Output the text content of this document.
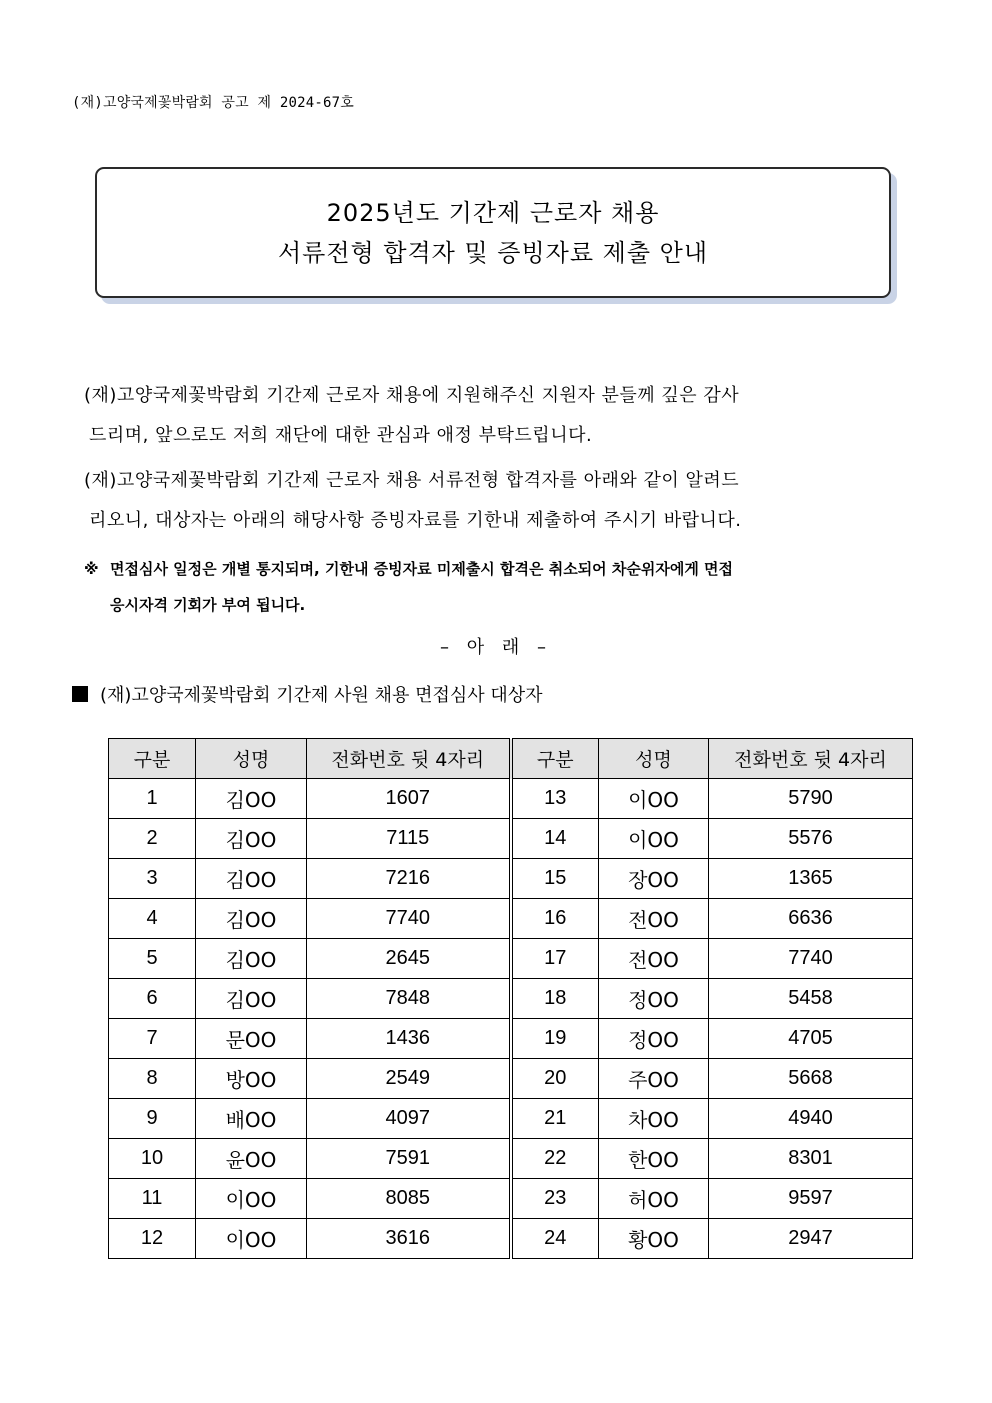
(재)고양국제꽃박람회 공고 제 2024-67호
2025년도 기간제 근로자 채용
서류전형 합격자 및 증빙자료 제출 안내
(재)고양국제꽃박람회 기간제 근로자 채용에 지원해주신 지원자 분들께 깊은 감사
드리며, 앞으로도 저희 재단에 대한 관심과 애정 부탁드립니다.
(재)고양국제꽃박람회 기간제 근로자 채용 서류전형 합격자를 아래와 같이 알려드
리오니, 대상자는 아래의 해당사항 증빙자료를 기한내 제출하여 주시기 바랍니다.
※ 면접심사 일정은 개별 통지되며, 기한내 증빙자료 미제출시 합격은 취소되어 차순위자에게 면접
응시자격 기회가 부여 됩니다.
– 아 래 –
(재)고양국제꽃박람회 기간제 사원 채용 면접심사 대상자
구분	성명	전화번호 뒷 4자리	구분	성명	전화번호 뒷 4자리
1	김OO	1607	13	이OO	5790
2	김OO	7115	14	이OO	5576
3	김OO	7216	15	장OO	1365
4	김OO	7740	16	전OO	6636
5	김OO	2645	17	전OO	7740
6	김OO	7848	18	정OO	5458
7	문OO	1436	19	정OO	4705
8	방OO	2549	20	주OO	5668
9	배OO	4097	21	차OO	4940
10	윤OO	7591	22	한OO	8301
11	이OO	8085	23	허OO	9597
12	이OO	3616	24	황OO	2947
